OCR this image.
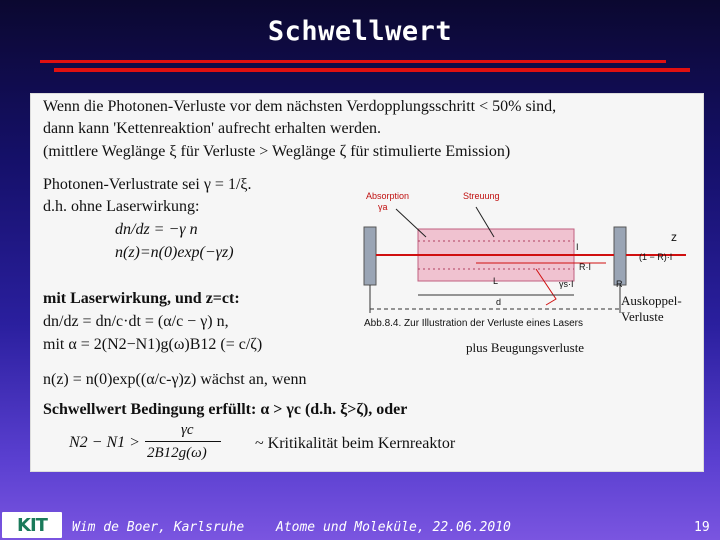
Schwellwert
Wenn die Photonen-Verluste vor dem nächsten Verdopplungsschritt < 50% sind,
dann kann 'Kettenreaktion' aufrecht erhalten werden.
(mittlere Weglänge ξ für Verluste > Weglänge ζ für stimulierte Emission)
Photonen-Verlustrate sei γ = 1/ξ.
d.h. ohne Laserwirkung:
dn/dz = −γ n
n(z)=n(0)exp(−γz)
mit Laserwirkung, und z=ct:
dn/dz = dn/c·dt = (α/c − γ) n,
mit α = 2(N2−N1)g(ω)B12 (= c/ζ)
n(z) = n(0)exp((α/c-γ)z) wächst an, wenn
Schwellwert Bedingung erfüllt: α > γc (d.h. ξ>ζ), oder
N2 − N1 >
γc
2B12g(ω)
~ Kritikalität beim Kernreaktor
Absorption
γa
Streuung
z
I
R·I
(1 − R)·I
γs·I	R
L
d	Auskoppel-
Verluste
Abb.8.4. Zur Illustration der Verluste eines Lasers
plus Beugungsverluste
KIT Wim de Boer, Karlsruhe Atome und Moleküle, 22.06.2010	19
